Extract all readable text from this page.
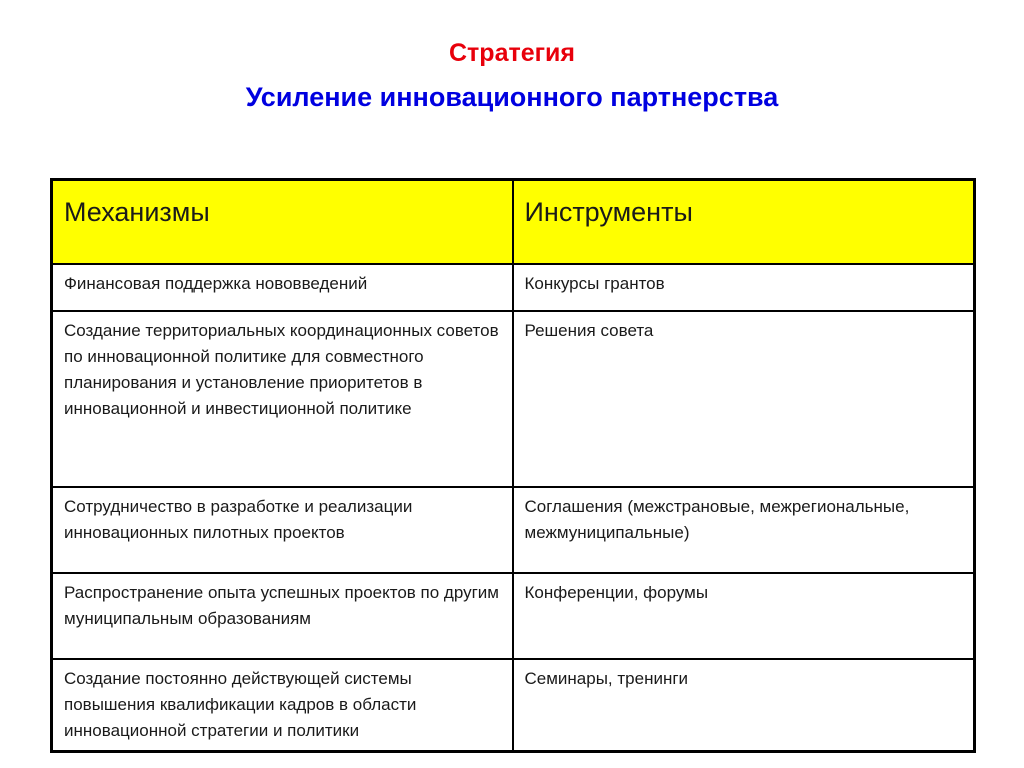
Стратегия
Усиление инновационного партнерства
Механизмы	Инструменты
Финансовая поддержка нововведений	Конкурсы грантов
Создание территориальных координационных советов по инновационной политике для совместного планирования и установление приоритетов в инновационной и инвестиционной политике	Решения совета
Сотрудничество в разработке и реализации инновационных пилотных проектов	Соглашения (межстрановые, межрегиональные, межмуниципальные)
Распространение опыта успешных проектов по другим муниципальным образованиям	Конференции, форумы
Создание постоянно действующей системы повышения квалификации кадров в области инновационной стратегии и политики	Семинары, тренинги
